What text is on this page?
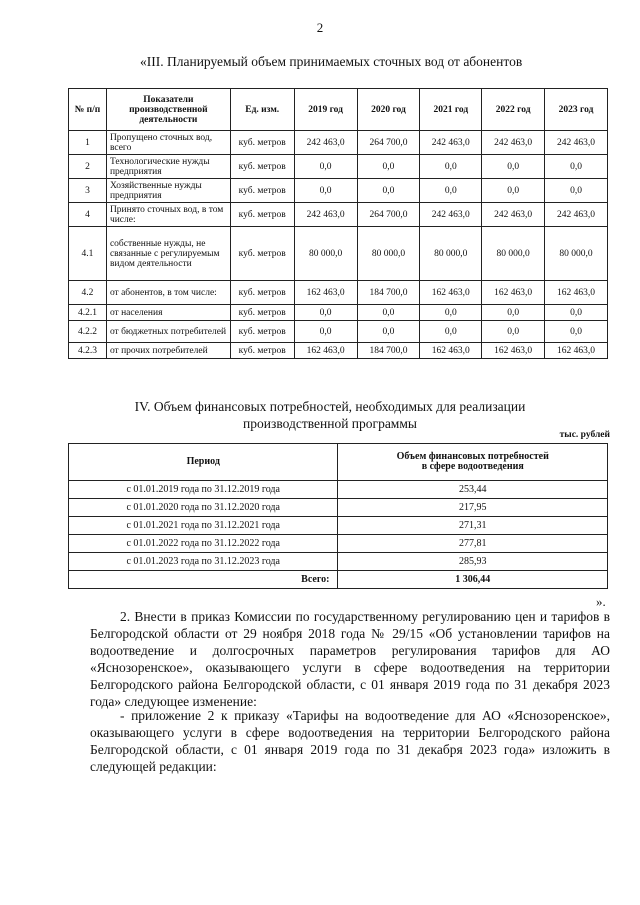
2
«III. Планируемый объем принимаемых сточных вод от абонентов
№ п/п	Показатели производственной деятельности	Ед. изм.	2019 год	2020 год	2021 год	2022 год	2023 год
1	Пропущено сточных вод, всего	куб. метров	242 463,0	264 700,0	242 463,0	242 463,0	242 463,0
2	Технологические нужды предприятия	куб. метров	0,0	0,0	0,0	0,0	0,0
3	Хозяйственные нужды предприятия	куб. метров	0,0	0,0	0,0	0,0	0,0
4	Принято сточных вод, в том числе:	куб. метров	242 463,0	264 700,0	242 463,0	242 463,0	242 463,0
4.1	собственные нужды, не связанные с регулируемым видом деятельности	куб. метров	80 000,0	80 000,0	80 000,0	80 000,0	80 000,0
4.2	от абонентов, в том числе:	куб. метров	162 463,0	184 700,0	162 463,0	162 463,0	162 463,0
4.2.1	от населения	куб. метров	0,0	0,0	0,0	0,0	0,0
4.2.2	от бюджетных потребителей	куб. метров	0,0	0,0	0,0	0,0	0,0
4.2.3	от прочих потребителей	куб. метров	162 463,0	184 700,0	162 463,0	162 463,0	162 463,0
IV. Объем финансовых потребностей, необходимых для реализации
производственной программы
тыс. рублей
Период	Объем финансовых потребностей
в сфере водоотведения

с 01.01.2019 года по 31.12.2019 года	253,44
с 01.01.2020 года по 31.12.2020 года	217,95
с 01.01.2021 года по 31.12.2021 года	271,31
с 01.01.2022 года по 31.12.2022 года	277,81
с 01.01.2023 года по 31.12.2023 года	285,93
Всего:	1 306,44
».
2. Внести в приказ Комиссии по государственному регулированию цен и тарифов в Белгородской области от 29 ноября 2018 года № 29/15 «Об установлении тарифов на водоотведение и долгосрочных параметров регулирования тарифов для АО «Яснозоренское», оказывающего услуги в сфере водоотведения на территории Белгородского района Белгородской области, с 01 января 2019 года по 31 декабря 2023 года» следующее изменение:
- приложение 2 к приказу «Тарифы на водоотведение для АО «Яснозоренское», оказывающего услуги в сфере водоотведения на территории Белгородского района Белгородской области, с 01 января 2019 года по 31 декабря 2023 года» изложить в следующей редакции:
